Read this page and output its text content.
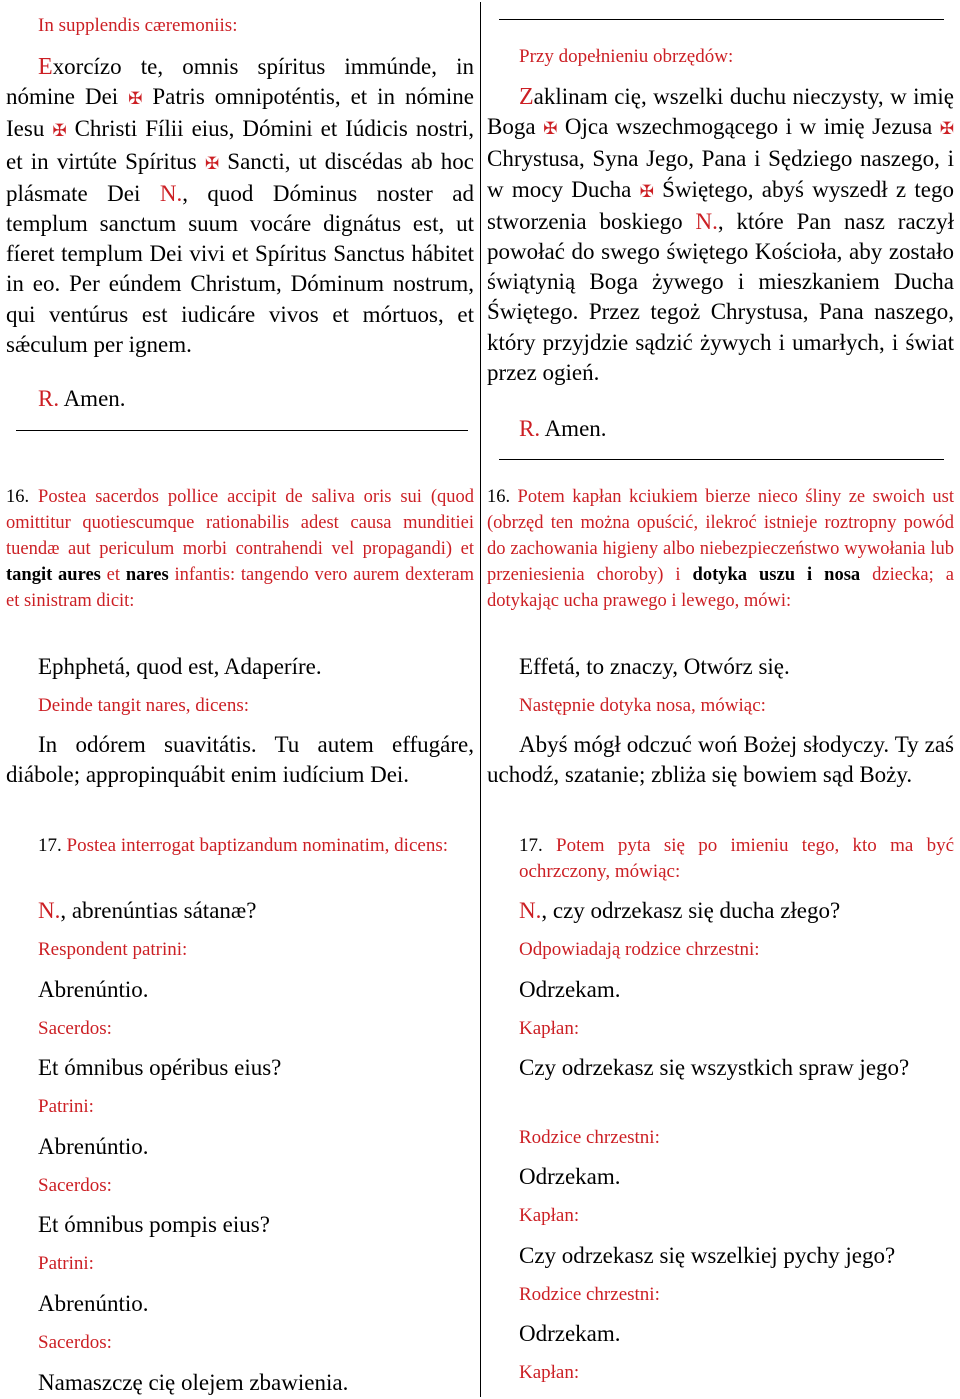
In supplendis cæremoniis:

Exorcízo te, omnis spíritus immúnde, in nómine Dei ✠ Patris omnipoténtis, et in nómine Iesu ✠ Christi Fílii eius, Dómini et Iúdicis nostri, et in virtúte Spíritus ✠ Sancti, ut discédas ab hoc plásmate Dei N., quod Dóminus noster ad templum sanctum suum vocáre dignátus est, ut fíeret templum Dei vivi et Spíritus Sanctus hábitet in eo. Per eúndem Christum, Dóminum nostrum, qui ventúrus est iudicáre vivos et mórtuos, et sǽculum per ignem.

R. Amen.

16. Postea sacerdos pollice accipit de saliva oris sui (quod omittitur quotiescumque rationabilis adest causa munditiei tuendæ aut periculum morbi contrahendi vel propagandi) et tangit aures et nares infantis: tangendo vero aurem dexteram et sinistram dicit:

Ephphetá, quod est, Adaperíre.
Deinde tangit nares, dicens:

In odórem suavitátis. Tu autem effugáre, diábole; appropinquábit enim iudícium Dei.

17. Postea interrogat baptizandum nominatim, dicens:

N., abrenúntias sátanæ?
Respondent patrini:
Abrenúntio.
Sacerdos:
Et ómnibus opéribus eius?
Patrini:
Abrenúntio.
Sacerdos:
Et ómnibus pompis eius?
Patrini:
Abrenúntio.
Sacerdos:
Namaszczę cię olejem zbawienia.
Przy dopełnieniu obrzędów:

Zaklinam cię, wszelki duchu nieczysty, w imię Boga ✠ Ojca wszechmogącego i w imię Jezusa ✠ Chrystusa, Syna Jego, Pana i Sędziego naszego, i w mocy Ducha ✠ Świętego, abyś wyszedł z tego stworzenia boskiego N., które Pan nasz raczył powołać do swego świętego Kościoła, aby zostało świątynią Boga żywego i mieszkaniem Ducha Świętego. Przez tegoż Chrystusa, Pana naszego, który przyjdzie sądzić żywych i umarłych, i świat przez ogień.

R. Amen.

16. Potem kapłan kciukiem bierze nieco śliny ze swoich ust (obrzęd ten można opuścić, ilekroć istnieje roztropny powód do zachowania higieny albo niebezpieczeństwo wywołania lub przeniesienia choroby) i dotyka uszu i nosa dziecka; a dotykając ucha prawego i lewego, mówi:

Effetá, to znaczy, Otwórz się.
Następnie dotyka nosa, mówiąc:

Abyś mógł odczuć woń Bożej słodyczy. Ty zaś uchodź, szatanie; zbliża się bowiem sąd Boży.

17. Potem pyta się po imieniu tego, kto ma być ochrzczony, mówiąc:

N., czy odrzekasz się ducha złego?
Odpowiadają rodzice chrzestni:
Odrzekam.
Kapłan:

Czy odrzekasz się wszystkich spraw jego?

Rodzice chrzestni:
Odrzekam.
Kapłan:
Czy odrzekasz się wszelkiej pychy jego?
Rodzice chrzestni:
Odrzekam.
Kapłan:
